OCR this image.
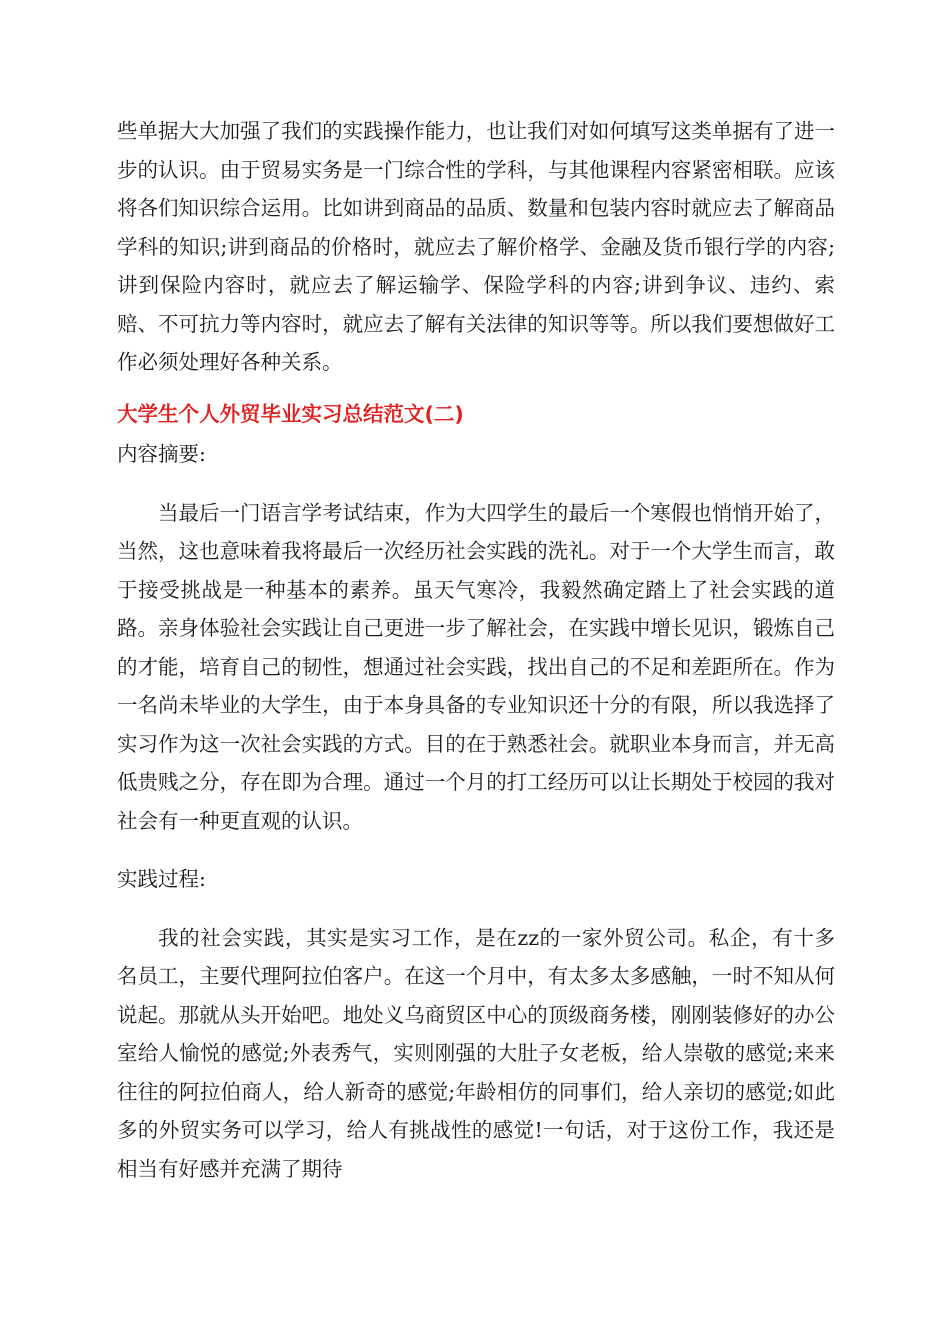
些单据大大加强了我们的实践操作能力，也让我们对如何填写这类单据有了进一步的认识。由于贸易实务是一门综合性的学科，与其他课程内容紧密相联。应该将各们知识综合运用。比如讲到商品的品质、数量和包装内容时就应去了解商品学科的知识;讲到商品的价格时，就应去了解价格学、金融及货币银行学的内容;讲到保险内容时，就应去了解运输学、保险学科的内容;讲到争议、违约、索赔、不可抗力等内容时，就应去了解有关法律的知识等等。所以我们要想做好工作必须处理好各种关系。

大学生个人外贸毕业实习总结范文(二)

内容摘要:

当最后一门语言学考试结束，作为大四学生的最后一个寒假也悄悄开始了，当然，这也意味着我将最后一次经历社会实践的洗礼。对于一个大学生而言，敢于接受挑战是一种基本的素养。虽天气寒冷，我毅然确定踏上了社会实践的道路。亲身体验社会实践让自己更进一步了解社会，在实践中增长见识，锻炼自己的才能，培育自己的韧性，想通过社会实践，找出自己的不足和差距所在。作为一名尚未毕业的大学生，由于本身具备的专业知识还十分的有限，所以我选择了实习作为这一次社会实践的方式。目的在于熟悉社会。就职业本身而言，并无高低贵贱之分，存在即为合理。通过一个月的打工经历可以让长期处于校园的我对社会有一种更直观的认识。

实践过程:

我的社会实践，其实是实习工作，是在zz的一家外贸公司。私企，有十多名员工，主要代理阿拉伯客户。在这一个月中，有太多太多感触，一时不知从何说起。那就从头开始吧。地处义乌商贸区中心的顶级商务楼，刚刚装修好的办公室给人愉悦的感觉;外表秀气，实则刚强的大肚子女老板，给人崇敬的感觉;来来往往的阿拉伯商人，给人新奇的感觉;年龄相仿的同事们，给人亲切的感觉;如此多的外贸实务可以学习，给人有挑战性的感觉!一句话，对于这份工作，我还是相当有好感并充满了期待
